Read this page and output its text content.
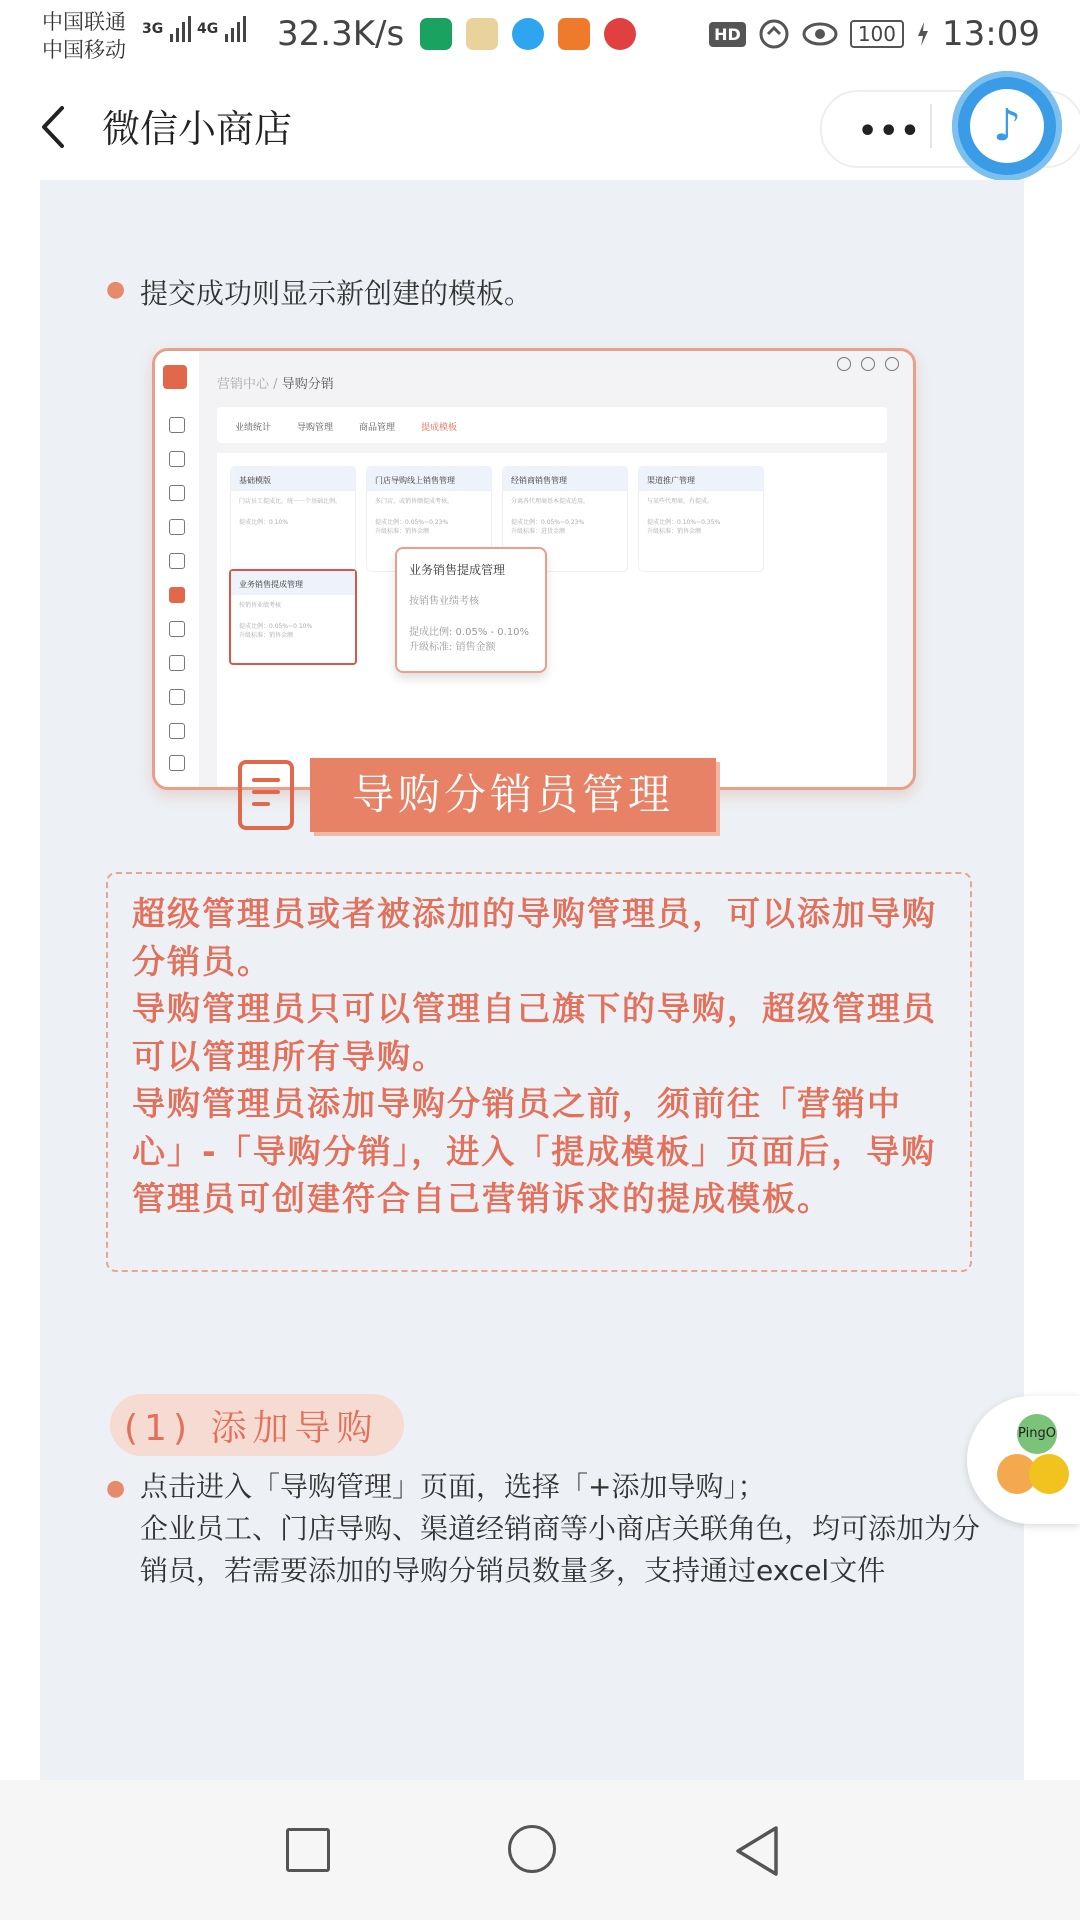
中国联通
中国移动
3G 4G	32.3K/s	HD	100 13:09
微信小商店	•••	♪
● 提交成功则显示新创建的模板。
营销中心 / 导购分销
业绩统计	导购管理	商品管理	提成模板
基础模版
门店员工提成比，统一一个基础比例。
提成比例：0.10%
门店导购线上销售管理
多门店，或销售额提成考核。
提成比例：0.05%~0.23%
升级标准：销售金额
经销商销售管理
分离各代理商基本提成适用。
提成比例：0.05%~0.23%
升级标准：进货金额
渠道推广管理
与某些代理商，有提成。
提成比例：0.10%~0.35%
升级标准：销售金额
业务销售提成管理
按销售业绩考核
提成比例：0.05%~0.10%
升级标准：销售金额
业务销售提成管理
按销售业绩考核
提成比例: 0.05% - 0.10%
升级标准: 销售金额
导购分销员管理
超级管理员或者被添加的导购管理员，可以添加导购分销员。
导购管理员只可以管理自己旗下的导购，超级管理员可以管理所有导购。
导购管理员添加导购分销员之前，须前往「营销中心」-「导购分销」，进入「提成模板」页面后，导购管理员可创建符合自己营销诉求的提成模板。
(1) 添加导购
● 点击进入「导购管理」页面，选择「+添加导购」；
企业员工、门店导购、渠道经销商等小商店关联角色，均可添加为分销员，若需要添加的导购分销员数量多，支持通过excel文件
PingO
